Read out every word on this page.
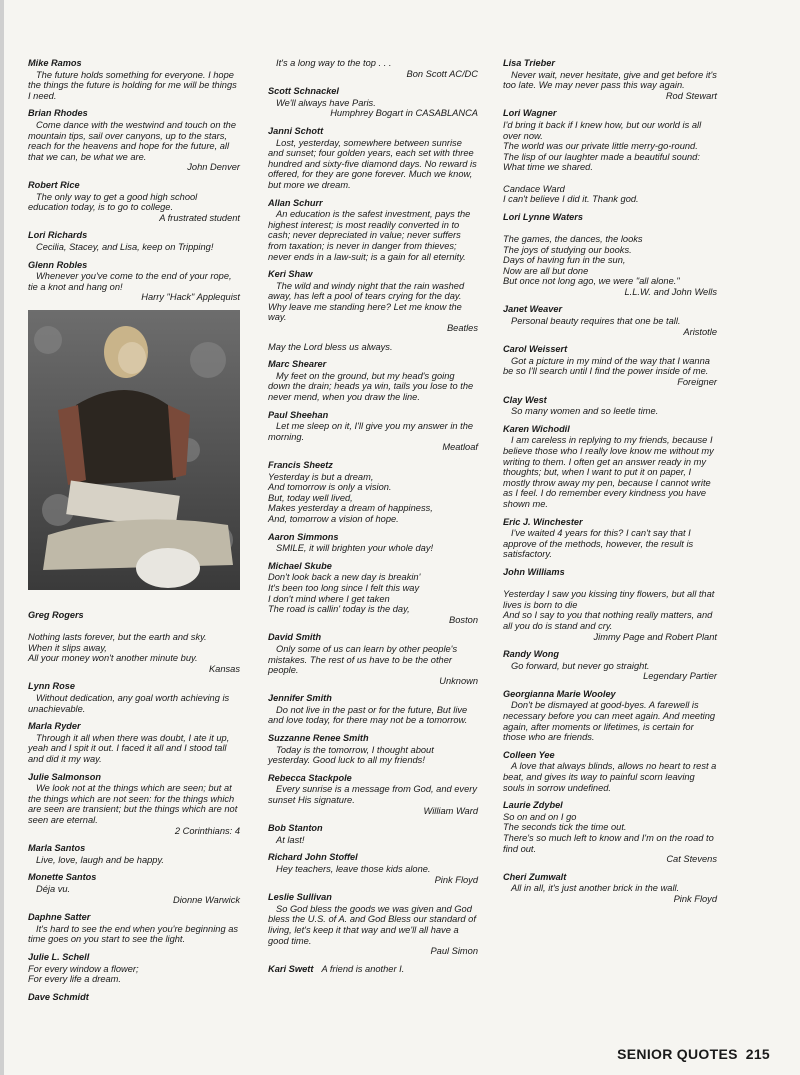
Mike Ramos
The future holds something for everyone. I hope the things the future is holding for me will be things I need.
Brian Rhodes
Come dance with the westwind and touch on the mountain tips, sail over canyons, up to the stars, reach for the heavens and hope for the future, all that we can, be what we are.
John Denver
Robert Rice
The only way to get a good high school education today, is to go to college.
A frustrated student
Lori Richards
Cecilia, Stacey, and Lisa, keep on Tripping!
Glenn Robles
Whenever you've come to the end of your rope, tie a knot and hang on!
Harry "Hack" Applequist
Greg Rogers
Nothing lasts forever, but the earth and sky.
When it slips away,
All your money won't another minute buy.
Kansas
Lynn Rose
Without dedication, any goal worth achieving is unachievable.
Marla Ryder
Through it all when there was doubt, I ate it up, yeah and I spit it out. I faced it all and I stood tall and did it my way.
Julie Salmonson
We look not at the things which are seen; but at the things which are not seen: for the things which are seen are transient; but the things which are not seen are eternal.
2 Corinthians: 4
Marla Santos
Live, love, laugh and be happy.
Monette Santos
Déja vu.
Dionne Warwick
Daphne Satter
It's hard to see the end when you're beginning as time goes on you start to see the light.
Julie L. Schell
For every window a flower;
For every life a dream.
Dave Schmidt
It's a long way to the top . . .
Bon Scott AC/DC
Scott Schnackel
We'll always have Paris.
Humphrey Bogart in CASABLANCA
Janni Schott
Lost, yesterday, somewhere between sunrise and sunset; four golden years, each set with three hundred and sixty-five diamond days. No reward is offered, for they are gone forever. Much we know, but more we dream.
Allan Schurr
An education is the safest investment, pays the highest interest; is most readily converted in to cash; never depreciated in value; never suffers from taxation; is never in danger from thieves; never ends in a law-suit; is a gain for all eternity.
Keri Shaw
The wild and windy night that the rain washed away, has left a pool of tears crying for the day. Why leave me standing here? Let me know the way.
Beatles
May the Lord bless us always.
Marc Shearer
My feet on the ground, but my head's going down the drain; heads ya win, tails you lose to the never mend, when you draw the line.
Paul Sheehan
Let me sleep on it, I'll give you my answer in the morning.
Meatloaf
Francis Sheetz
Yesterday is but a dream,
And tomorrow is only a vision.
But, today well lived,
Makes yesterday a dream of happiness,
And, tomorrow a vision of hope.
Aaron Simmons
SMILE, it will brighten your whole day!
Michael Skube
Don't look back a new day is breakin'
It's been too long since I felt this way
I don't mind where I get taken
The road is callin' today is the day,
Boston
David Smith
Only some of us can learn by other people's mistakes. The rest of us have to be the other people.
Unknown
Jennifer Smith
Do not live in the past or for the future, But live and love today, for there may not be a tomorrow.
Suzzanne Renee Smith
Today is the tomorrow, I thought about yesterday. Good luck to all my friends!
Rebecca Stackpole
Every sunrise is a message from God, and every sunset His signature.
William Ward
Bob Stanton
At last!
Richard John Stoffel
Hey teachers, leave those kids alone.
Pink Floyd
Leslie Sullivan
So God bless the goods we was given and God bless the U.S. of A. and God Bless our standard of living, let's keep it that way and we'll all have a good time.
Paul Simon
Kari Swett A friend is another I.
Lisa Trieber
Never wait, never hesitate, give and get before it's too late. We may never pass this way again.
Rod Stewart
Lori Wagner
I'd bring it back if I knew how, but our world is all over now.
The world was our private little merry-go-round.
The lisp of our laughter made a beautiful sound:
What time we shared.
Candace Ward
I can't believe I did it. Thank god.
Lori Lynne Waters
The games, the dances, the looks
The joys of studying our books.
Days of having fun in the sun,
Now are all but done
But once not long ago, we were "all alone."
L.L.W. and John Wells
Janet Weaver
Personal beauty requires that one be tall.
Aristotle
Carol Weissert
Got a picture in my mind of the way that I wanna be so I'll search until I find the power inside of me.
Foreigner
Clay West
So many women and so leetle time.
Karen Wichodil
I am careless in replying to my friends, because I believe those who I really love know me without my writing to them. I often get an answer ready in my thoughts; but, when I want to put it on paper, I mostly throw away my pen, because I cannot write as I feel. I do remember every kindness you have shown me.
Eric J. Winchester
I've waited 4 years for this? I can't say that I approve of the methods, however, the result is satisfactory.
John Williams
Yesterday I saw you kissing tiny flowers, but all that lives is born to die
And so I say to you that nothing really matters, and all you do is stand and cry.
Jimmy Page and Robert Plant
Randy Wong
Go forward, but never go straight.
Legendary Partier
Georgianna Marie Wooley
Don't be dismayed at good-byes. A farewell is necessary before you can meet again. And meeting again, after moments or lifetimes, is certain for those who are friends.
Colleen Yee
A love that always blinds, allows no heart to rest a beat, and gives its way to painful scorn leaving souls in sorrow undefined.
Laurie Zdybel
So on and on I go
The seconds tick the time out.
There's so much left to know and I'm on the road to find out.
Cat Stevens
Cheri Zumwalt
All in all, it's just another brick in the wall.
Pink Floyd
SENIOR QUOTES 215
